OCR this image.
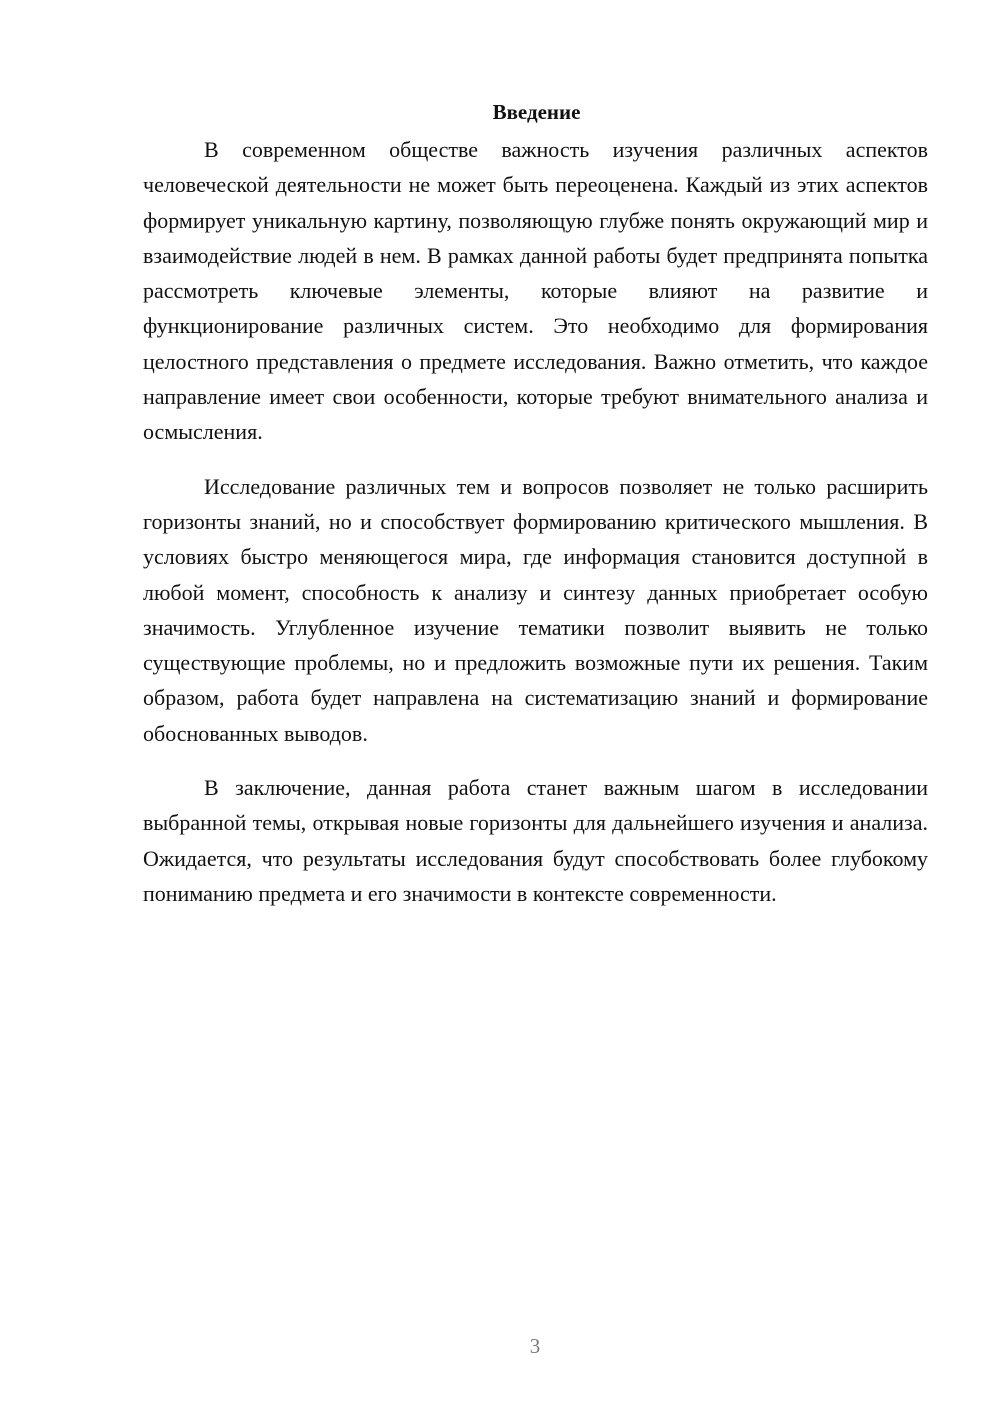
Введение

В современном обществе важность изучения различных аспектов человеческой деятельности не может быть переоценена. Каждый из этих аспектов формирует уникальную картину, позволяющую глубже понять окружающий мир и взаимодействие людей в нем. В рамках данной работы будет предпринята попытка рассмотреть ключевые элементы, которые влияют на развитие и функционирование различных систем. Это необходимо для формирования целостного представления о предмете исследования. Важно отметить, что каждое направление имеет свои особенности, которые требуют внимательного анализа и осмысления.

Исследование различных тем и вопросов позволяет не только расширить горизонты знаний, но и способствует формированию критического мышления. В условиях быстро меняющегося мира, где информация становится доступной в любой момент, способность к анализу и синтезу данных приобретает особую значимость. Углубленное изучение тематики позволит выявить не только существующие проблемы, но и предложить возможные пути их решения. Таким образом, работа будет направлена на систематизацию знаний и формирование обоснованных выводов.

В заключение, данная работа станет важным шагом в исследовании выбранной темы, открывая новые горизонты для дальнейшего изучения и анализа. Ожидается, что результаты исследования будут способствовать более глубокому пониманию предмета и его значимости в контексте современности.

3
